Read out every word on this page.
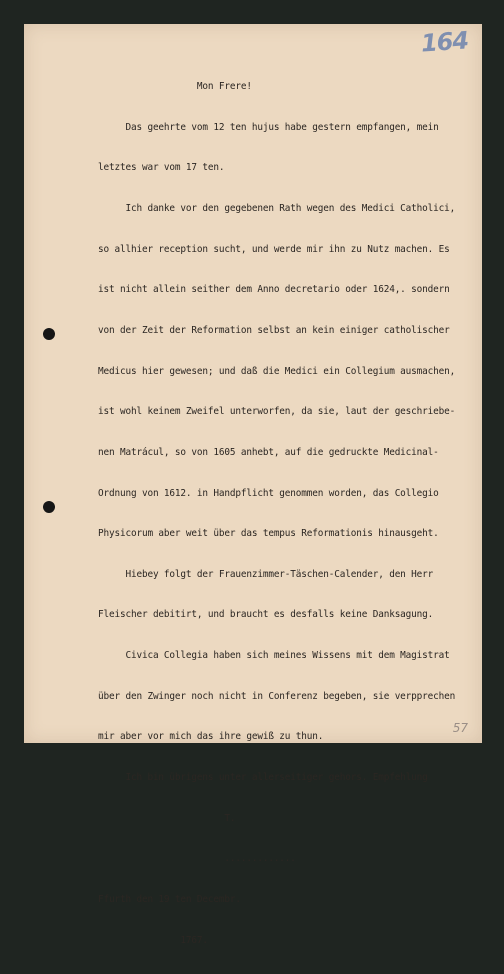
164

Mon Frere!

Das geehrte vom 12 ten hujus habe gestern empfangen, mein

letztes war vom 17 ten.

Ich danke vor den gegebenen Rath wegen des Medici Catholici,

so allhier reception sucht, und werde mir ihn zu Nutz machen. Es

ist nicht allein seither dem Anno decretario oder 1624,. sondern

von der Zeit der Reformation selbst an kein einiger catholischer

Medicus hier gewesen; und daß die Medici ein Collegium ausmachen,

ist wohl keinem Zweifel unterworfen, da sie, laut der geschriebe-

nen Matrácul, so von 1605 anhebt, auf die gedruckte Medicinal-

Ordnung von 1612. in Handpflicht genommen worden, das Collegio

Physicorum aber weit über das tempus Reformationis hinausgeht.

Hiebey folgt der Frauenzimmer-Täschen-Calender, den Herr

Fleischer debitirt, und braucht es desfalls keine Danksagung.

Civica Collegia haben sich meines Wissens mit dem Magistrat

über den Zwinger noch nicht in Conferenz begeben, sie verpprechen

mir aber vor mich das ihre gewiß zu thun.

Ich bin übrigens unter allerseitiger gehors. Empfehlung

T.

.............

Ffurth den 19 ten Decembr.

1767.

57
